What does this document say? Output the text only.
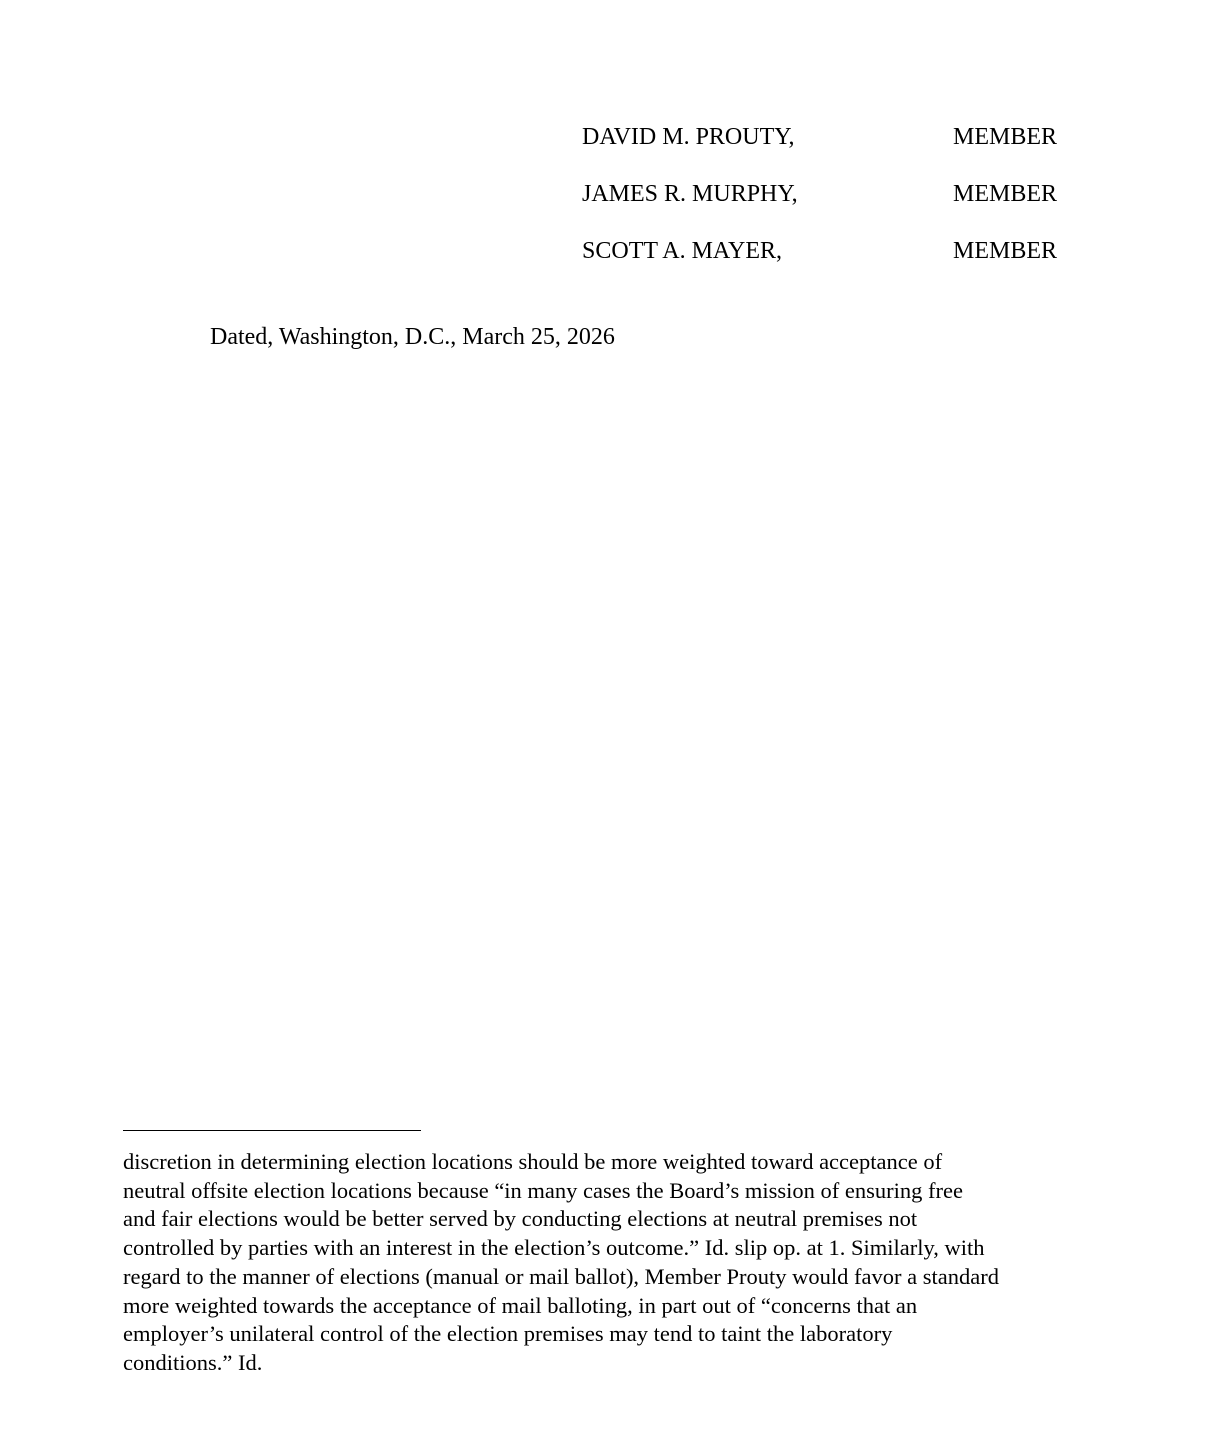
DAVID M. PROUTY,	MEMBER
JAMES R. MURPHY,	MEMBER
SCOTT A. MAYER,	MEMBER
Dated, Washington, D.C., March 25, 2026

discretion in determining election locations should be more weighted toward acceptance of
neutral offsite election locations because “in many cases the Board’s mission of ensuring free
and fair elections would be better served by conducting elections at neutral premises not
controlled by parties with an interest in the election’s outcome.” Id. slip op. at 1. Similarly, with
regard to the manner of elections (manual or mail ballot), Member Prouty would favor a standard
more weighted towards the acceptance of mail balloting, in part out of “concerns that an
employer’s unilateral control of the election premises may tend to taint the laboratory
conditions.” Id.
